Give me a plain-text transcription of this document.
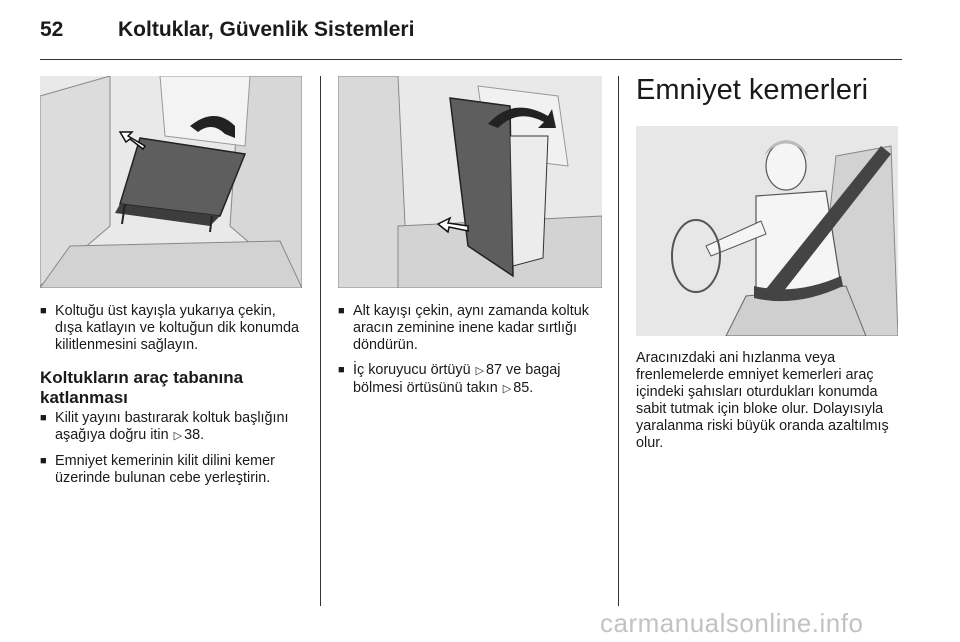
52	Koltuklar, Güvenlik Sistemleri
■ Koltuğu üst kayışla yukarıya çekin, dışa katlayın ve koltuğun dik konumda kilitlenmesini sağlayın.
Koltukların araç tabanına katlanması
■ Kilit yayını bastırarak koltuk başlığını aşağıya doğru itin ▷ 38.
■ Emniyet kemerinin kilit dilini kemer üzerinde bulunan cebe yerleştirin.
■ Alt kayışı çekin, aynı zamanda koltuk aracın zeminine inene kadar sırtlığı döndürün.
■ İç koruyucu örtüyü ▷ 87 ve bagaj bölmesi örtüsünü takın ▷ 85.
Emniyet kemerleri
Aracınızdaki ani hızlanma veya frenlemelerde emniyet kemerleri araç içindeki şahısları oturdukları konumda sabit tutmak için bloke olur. Dolayısıyla yaralanma riski büyük oranda azaltılmış olur.
carmanualsonline.info
